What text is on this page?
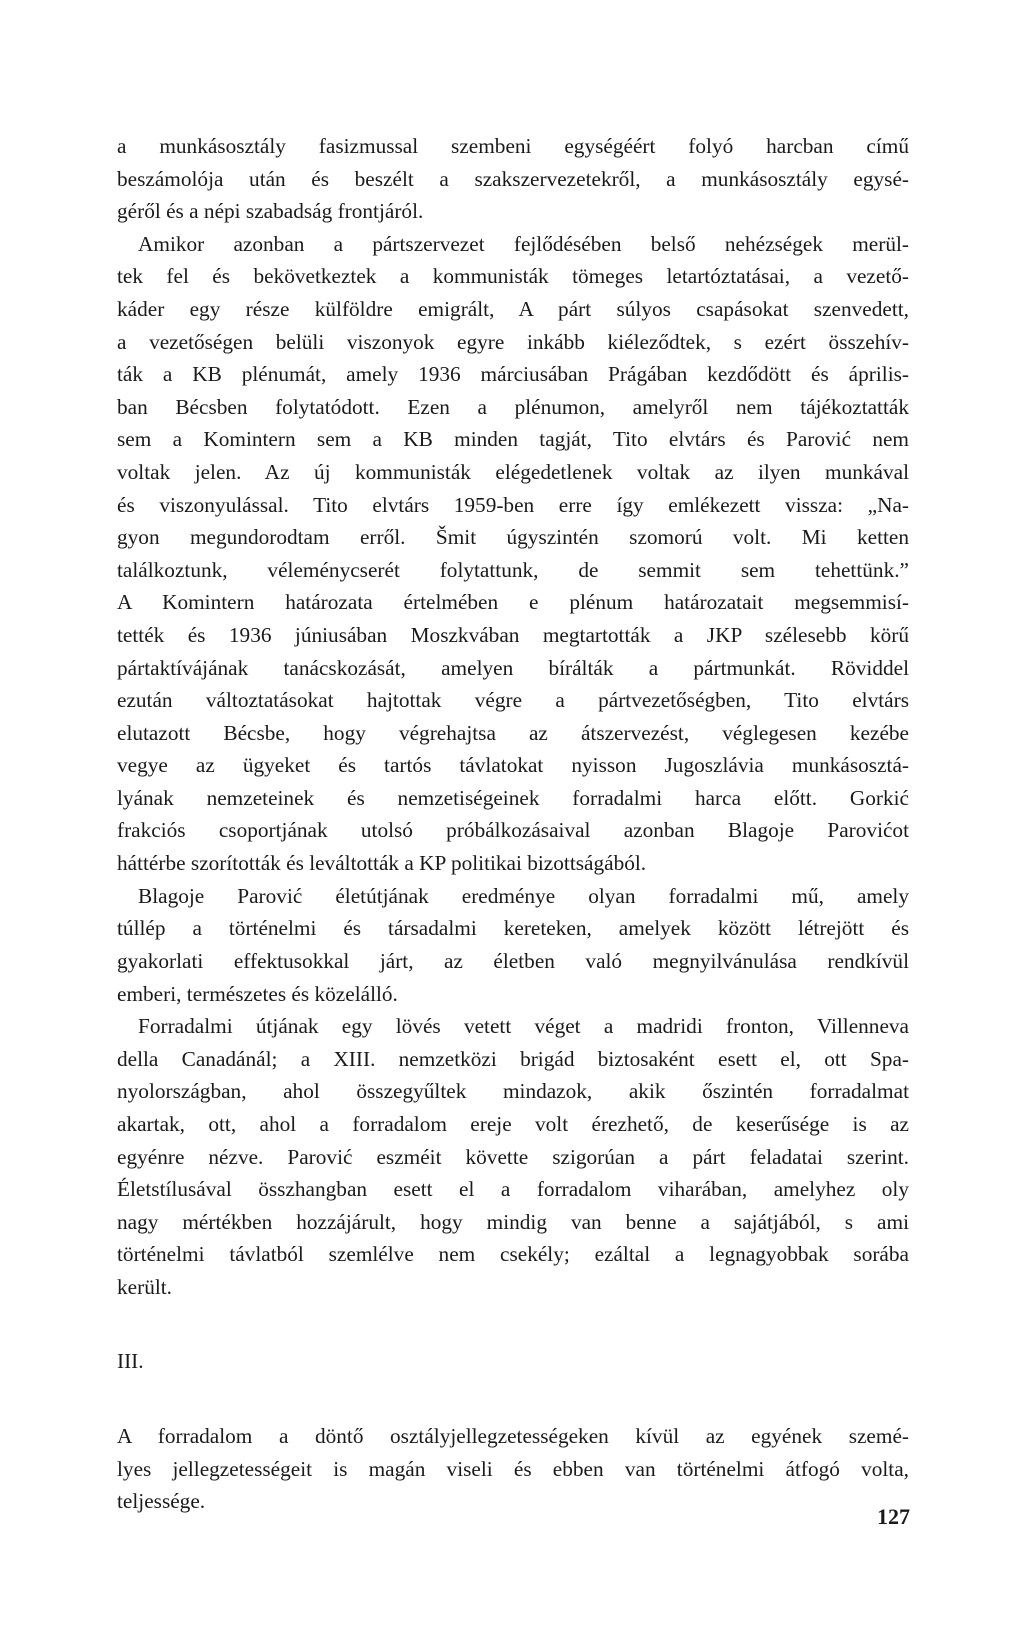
a munkásosztály fasizmussal szembeni egységéért folyó harcban című
beszámolója után és beszélt a szakszervezetekről, a munkásosztály egysé-
géről és a népi szabadság frontjáról.
Amikor azonban a pártszervezet fejlődésében belső nehézségek merül-
tek fel és bekövetkeztek a kommunisták tömeges letartóztatásai, a vezető-
káder egy része külföldre emigrált, A párt súlyos csapásokat szenvedett,
a vezetőségen belüli viszonyok egyre inkább kiéleződtek, s ezért összehív-
ták a KB plénumát, amely 1936 márciusában Prágában kezdődött és április-
ban Bécsben folytatódott. Ezen a plénumon, amelyről nem tájékoztatták
sem a Komintern sem a KB minden tagját, Tito elvtárs és Parović nem
voltak jelen. Az új kommunisták elégedetlenek voltak az ilyen munkával
és viszonyulással. Tito elvtárs 1959-ben erre így emlékezett vissza: „Na-
gyon megundorodtam erről. Šmit úgyszintén szomorú volt. Mi ketten
találkoztunk, véleménycserét folytattunk, de semmit sem tehettünk.”
A Komintern határozata értelmében e plénum határozatait megsemmisí-
tették és 1936 júniusában Moszkvában megtartották a JKP szélesebb körű
pártaktívájának tanácskozását, amelyen bírálták a pártmunkát. Röviddel
ezután változtatásokat hajtottak végre a pártvezetőségben, Tito elvtárs
elutazott Bécsbe, hogy végrehajtsa az átszervezést, véglegesen kezébe
vegye az ügyeket és tartós távlatokat nyisson Jugoszlávia munkásosztá-
lyának nemzeteinek és nemzetiségeinek forradalmi harca előtt. Gorkić
frakciós csoportjának utolsó próbálkozásaival azonban Blagoje Parovićot
háttérbe szorították és leváltották a KP politikai bizottságából.
Blagoje Parović életútjának eredménye olyan forradalmi mű, amely
túllép a történelmi és társadalmi kereteken, amelyek között létrejött és
gyakorlati effektusokkal járt, az életben való megnyilvánulása rendkívül
emberi, természetes és közelálló.
Forradalmi útjának egy lövés vetett véget a madridi fronton, Villenneva
della Canadánál; a XIII. nemzetközi brigád biztosaként esett el, ott Spa-
nyolországban, ahol összegyűltek mindazok, akik őszintén forradalmat
akartak, ott, ahol a forradalom ereje volt érezhető, de keserűsége is az
egyénre nézve. Parović eszméit követte szigorúan a párt feladatai szerint.
Életstílusával összhangban esett el a forradalom viharában, amelyhez oly
nagy mértékben hozzájárult, hogy mindig van benne a sajátjából, s ami
történelmi távlatból szemlélve nem csekély; ezáltal a legnagyobbak sorába
került.
III.
A forradalom a döntő osztályjellegzetességeken kívül az egyének szemé-
lyes jellegzetességeit is magán viseli és ebben van történelmi átfogó volta,
teljessége.
127
